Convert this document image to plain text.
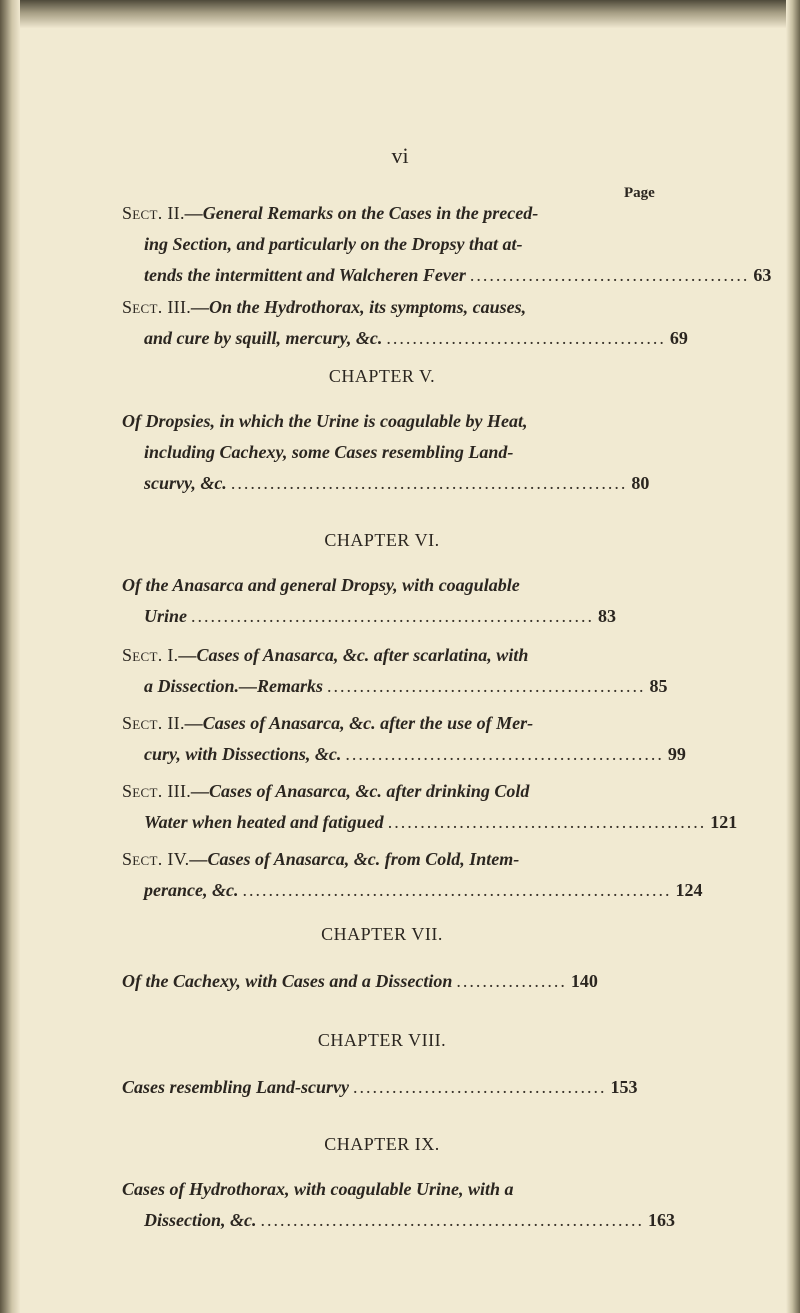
vi
Page
Sect. II.—General Remarks on the Cases in the preced-
ing Section, and particularly on the Dropsy that at-
tends the intermittent and Walcheren Fever ........................................... 63
Sect. III.—On the Hydrothorax, its symptoms, causes,
and cure by squill, mercury, &c. ........................................... 69
CHAPTER V.
Of Dropsies, in which the Urine is coagulable by Heat,
including Cachexy, some Cases resembling Land-
scurvy, &c. ............................................................. 80
CHAPTER VI.
Of the Anasarca and general Dropsy, with coagulable
Urine .............................................................. 83
Sect. I.—Cases of Anasarca, &c. after scarlatina, with
a Dissection.—Remarks ................................................. 85
Sect. II.—Cases of Anasarca, &c. after the use of Mer-
cury, with Dissections, &c. ................................................. 99
Sect. III.—Cases of Anasarca, &c. after drinking Cold
Water when heated and fatigued ................................................. 121
Sect. IV.—Cases of Anasarca, &c. from Cold, Intem-
perance, &c. .................................................................. 124
CHAPTER VII.
Of the Cachexy, with Cases and a Dissection ................. 140
CHAPTER VIII.
Cases resembling Land-scurvy ....................................... 153
CHAPTER IX.
Cases of Hydrothorax, with coagulable Urine, with a
Dissection, &c. ........................................................... 163
